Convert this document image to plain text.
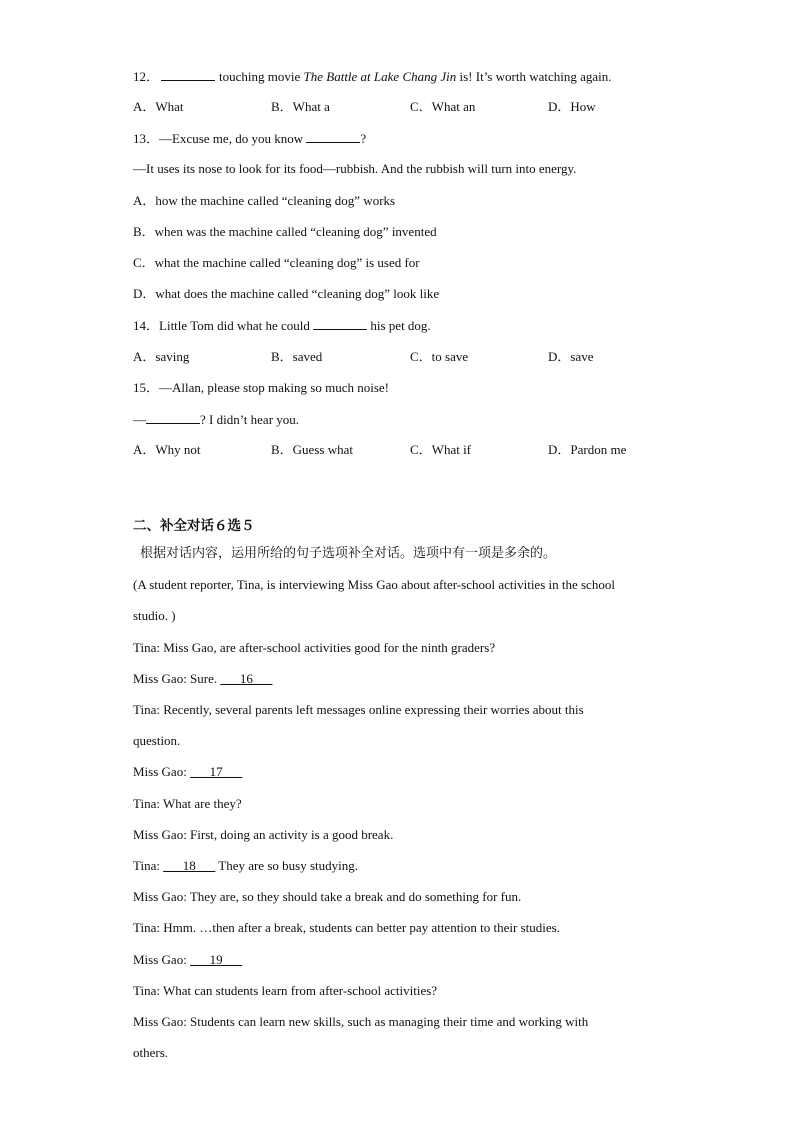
12．	touching movie The Battle at Lake Chang Jin is! It’s worth watching again.
A．What	B．What a	C．What an	D．How
13．—Excuse me, do you know	?
—It uses its nose to look for its food—rubbish. And the rubbish will turn into energy.
A．how the machine called “cleaning dog” works
B．when was the machine called “cleaning dog” invented
C．what the machine called “cleaning dog” is used for
D．what does the machine called “cleaning dog” look like
14．Little Tom did what he could	his pet dog.
A．saving	B．saved	C．to save	D．save
15．—Allan, please stop making so much noise!
—	? I didn’t hear you.
A．Why not	B．Guess what	C．What if	D．Pardon me
二、补全对话６选５
根据对话内容，运用所给的句子选项补全对话。选项中有一项是多余的。
(A student reporter, Tina, is interviewing Miss Gao about after-school activities in the school
studio. )
Tina: Miss Gao, are after-school activities good for the ninth graders?
Miss Gao: Sure. ___16___
Tina: Recently, several parents left messages online expressing their worries about this
question.
Miss Gao: ___17___
Tina: What are they?
Miss Gao: First, doing an activity is a good break.
Tina: ___18___ They are so busy studying.
Miss Gao: They are, so they should take a break and do something for fun.
Tina: Hmm. …then after a break, students can better pay attention to their studies.
Miss Gao: ___19___
Tina: What can students learn from after-school activities?
Miss Gao: Students can learn new skills, such as managing their time and working with
others.
